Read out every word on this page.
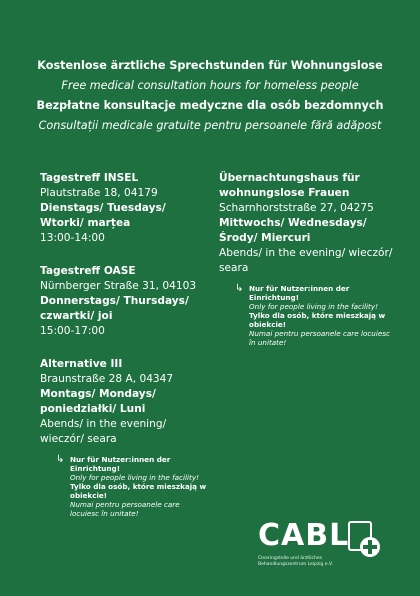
Kostenlose ärztliche Sprechstunden für Wohnungslose
Free medical consultation hours for homeless people
Bezpłatne konsultacje medyczne dla osób bezdomnych
Consultații medicale gratuite pentru persoanele fără adăpost
Tagestreff INSEL
Plautstraße 18, 04179
Dienstags/ Tuesdays/ Wtorki/ marțea
13:00-14:00
Tagestreff OASE
Nürnberger Straße 31, 04103
Donnerstags/ Thursdays/ czwartki/ joi
15:00-17:00
Alternative III
Braunstraße 28 A, 04347
Montags/ Mondays/ poniedziałki/ Luni
Abends/ in the evening/ wieczór/ seara
↳ Nur für Nutzer:innen der Einrichtung!
Only for people living in the facility!
Tylko dla osób, które mieszkają w obiekcie!
Numai pentru persoanele care locuiesc în unitate!
Übernachtungshaus für wohnungslose Frauen
Scharnhorststraße 27, 04275
Mittwochs/ Wednesdays/ Środy/ Miercuri
Abends/ in the evening/ wieczór/ seara
↳ Nur für Nutzer:innen der Einrichtung!
Only for people living in the facility!
Tylko dla osób, które mieszkają w obiekcie!
Numai pentru persoanele care locuiesc în unitate!
CABL
Clearingstelle und ärztliches Behandlungszentrum Leipzig e.V.
